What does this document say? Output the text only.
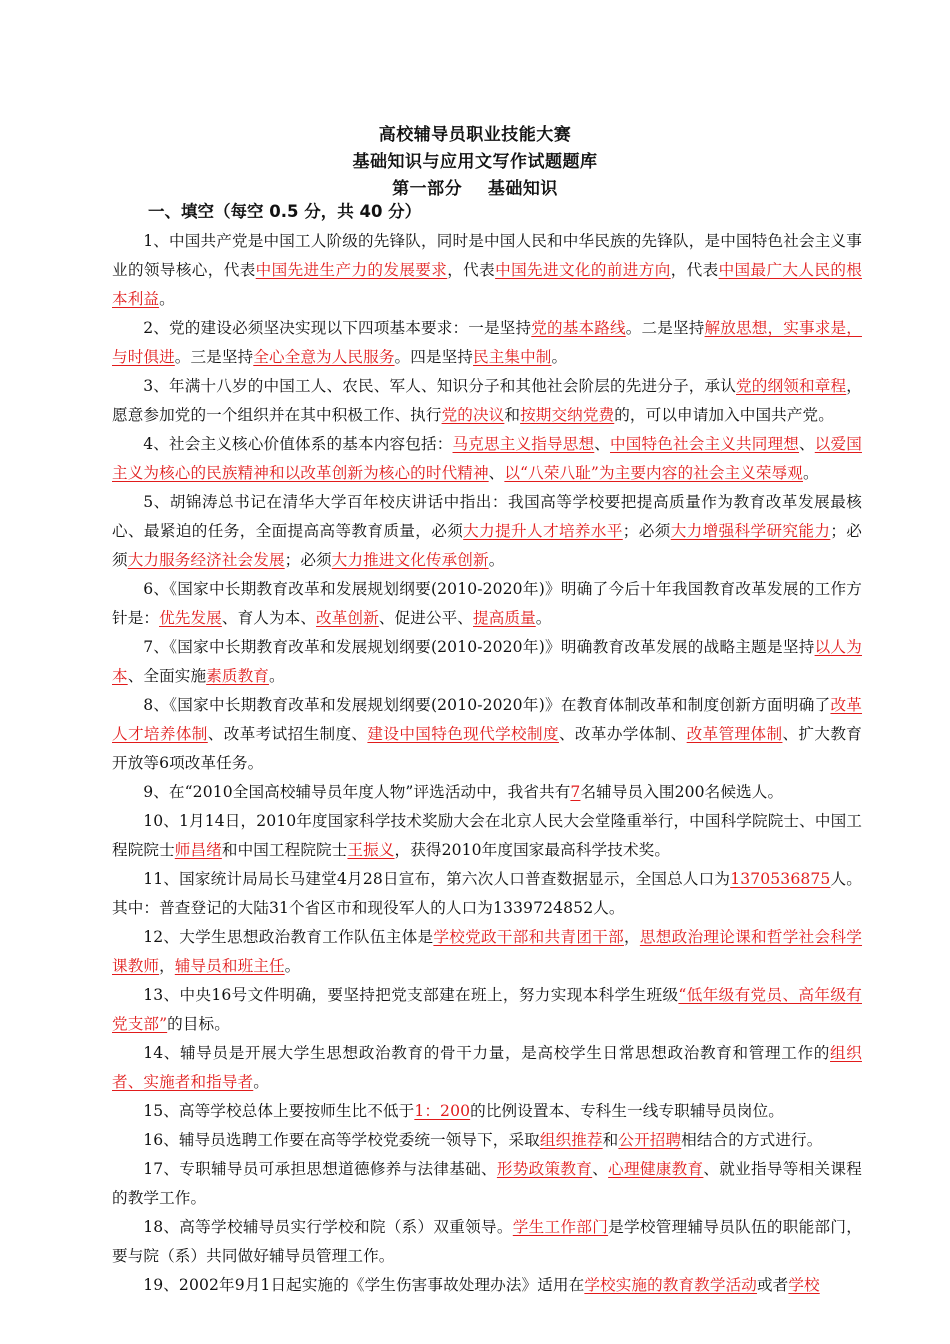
高校辅导员职业技能大赛
基础知识与应用文写作试题题库
第一部分    基础知识
一、填空（每空 0.5 分，共 40 分）
1、中国共产党是中国工人阶级的先锋队，同时是中国人民和中华民族的先锋队，是中国特色社会主义事业的领导核心，代表中国先进生产力的发展要求，代表中国先进文化的前进方向，代表中国最广大人民的根本利益。
2、党的建设必须坚决实现以下四项基本要求：一是坚持党的基本路线。二是坚持解放思想，实事求是，与时俱进。三是坚持全心全意为人民服务。四是坚持民主集中制。
3、年满十八岁的中国工人、农民、军人、知识分子和其他社会阶层的先进分子，承认党的纲领和章程，愿意参加党的一个组织并在其中积极工作、执行党的决议和按期交纳党费的，可以申请加入中国共产党。
4、社会主义核心价值体系的基本内容包括：马克思主义指导思想、中国特色社会主义共同理想、以爱国主义为核心的民族精神和以改革创新为核心的时代精神、以“八荣八耻”为主要内容的社会主义荣辱观。
5、胡锦涛总书记在清华大学百年校庆讲话中指出：我国高等学校要把提高质量作为教育改革发展最核心、最紧迫的任务，全面提高高等教育质量，必须大力提升人才培养水平；必须大力增强科学研究能力；必须大力服务经济社会发展；必须大力推进文化传承创新。
6、《国家中长期教育改革和发展规划纲要(2010-2020年)》明确了今后十年我国教育改革发展的工作方针是：优先发展、育人为本、改革创新、促进公平、提高质量。
7、《国家中长期教育改革和发展规划纲要(2010-2020年)》明确教育改革发展的战略主题是坚持以人为本、全面实施素质教育。
8、《国家中长期教育改革和发展规划纲要(2010-2020年)》在教育体制改革和制度创新方面明确了改革人才培养体制、改革考试招生制度、建设中国特色现代学校制度、改革办学体制、改革管理体制、扩大教育开放等6项改革任务。
9、在“2010全国高校辅导员年度人物”评选活动中，我省共有7名辅导员入围200名候选人。
10、1月14日，2010年度国家科学技术奖励大会在北京人民大会堂隆重举行，中国科学院院士、中国工程院院士师昌绪和中国工程院院士王振义，获得2010年度国家最高科学技术奖。
11、国家统计局局长马建堂4月28日宣布，第六次人口普查数据显示，全国总人口为1370536875人。其中：普查登记的大陆31个省区市和现役军人的人口为1339724852人。
12、大学生思想政治教育工作队伍主体是学校党政干部和共青团干部，思想政治理论课和哲学社会科学课教师，辅导员和班主任。
13、中央16号文件明确，要坚持把党支部建在班上，努力实现本科学生班级“低年级有党员、高年级有党支部”的目标。
14、辅导员是开展大学生思想政治教育的骨干力量，是高校学生日常思想政治教育和管理工作的组织者、实施者和指导者。
15、高等学校总体上要按师生比不低于1：200的比例设置本、专科生一线专职辅导员岗位。
16、辅导员选聘工作要在高等学校党委统一领导下，采取组织推荐和公开招聘相结合的方式进行。
17、专职辅导员可承担思想道德修养与法律基础、形势政策教育、心理健康教育、就业指导等相关课程的教学工作。
18、高等学校辅导员实行学校和院（系）双重领导。学生工作部门是学校管理辅导员队伍的职能部门，要与院（系）共同做好辅导员管理工作。
19、2002年9月1日起实施的《学生伤害事故处理办法》适用在学校实施的教育教学活动或者学校
